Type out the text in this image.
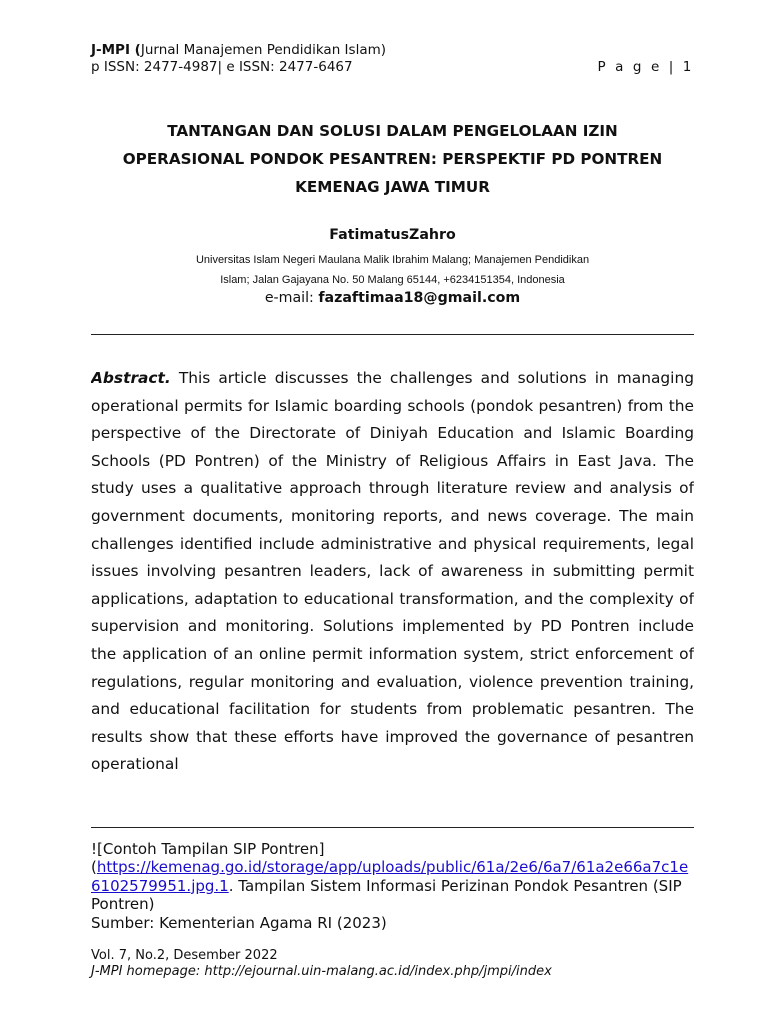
J-MPI (Jurnal Manajemen Pendidikan Islam)
p ISSN: 2477-4987| e ISSN: 2477-6467	P a g e | 1
TANTANGAN DAN SOLUSI DALAM PENGELOLAAN IZIN
OPERASIONAL PONDOK PESANTREN: PERSPEKTIF PD PONTREN
KEMENAG JAWA TIMUR
FatimatusZahro
Universitas Islam Negeri Maulana Malik Ibrahim Malang; Manajemen Pendidikan
Islam; Jalan Gajayana No. 50 Malang 65144, +6234151354, Indonesia
e-mail: fazaftimaa18@gmail.com
Abstract. This article discusses the challenges and solutions in managing operational permits for Islamic boarding schools (pondok pesantren) from the perspective of the Directorate of Diniyah Education and Islamic Boarding Schools (PD Pontren) of the Ministry of Religious Affairs in East Java. The study uses a qualitative approach through literature review and analysis of government documents, monitoring reports, and news coverage. The main challenges identified include administrative and physical requirements, legal issues involving pesantren leaders, lack of awareness in submitting permit applications, adaptation to educational transformation, and the complexity of supervision and monitoring. Solutions implemented by PD Pontren include the application of an online permit information system, strict enforcement of regulations, regular monitoring and evaluation, violence prevention training, and educational facilitation for students from problematic pesantren. The results show that these efforts have improved the governance of pesantren operational
![Contoh Tampilan SIP Pontren]
(https://kemenag.go.id/storage/app/uploads/public/61a/2e6/6a7/61a2e66a7c1e6102579951.jpg.1. Tampilan Sistem Informasi Perizinan Pondok Pesantren (SIP Pontren)
Sumber: Kementerian Agama RI (2023)
Vol. 7, No.2, Desember 2022
J-MPI homepage: http://ejournal.uin-malang.ac.id/index.php/jmpi/index
